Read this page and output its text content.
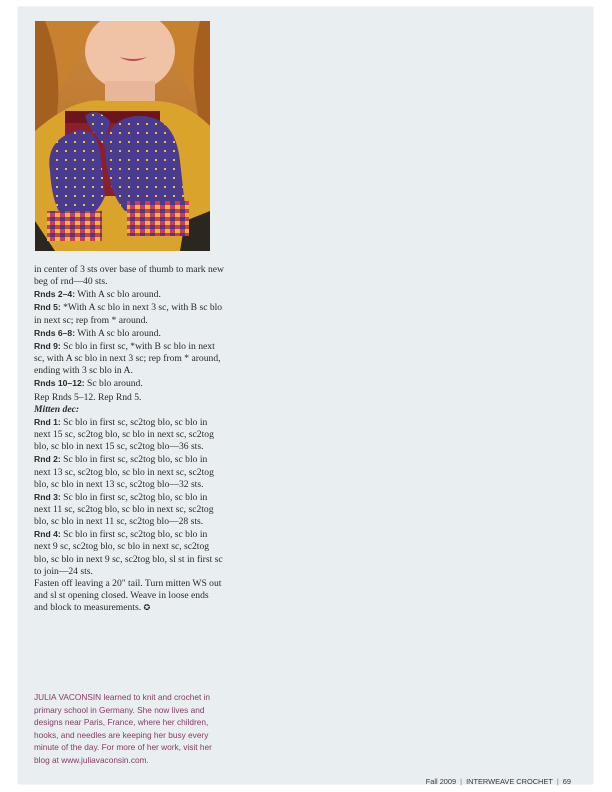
in center of 3 sts over base of thumb to mark new beg of rnd—40 sts.

Rnds 2–4: With A sc blo around.

Rnd 5: *With A sc blo in next 3 sc, with B sc blo in next sc; rep from * around.

Rnds 6–8: With A sc blo around.

Rnd 9: Sc blo in first sc, *with B sc blo in next sc, with A sc blo in next 3 sc; rep from * around, ending with 3 sc blo in A.

Rnds 10–12: Sc blo around.

Rep Rnds 5–12. Rep Rnd 5.

Mitten dec:

Rnd 1: Sc blo in first sc, sc2tog blo, sc blo in next 15 sc, sc2tog blo, sc blo in next sc, sc2tog blo, sc blo in next 15 sc, sc2tog blo—36 sts.

Rnd 2: Sc blo in first sc, sc2tog blo, sc blo in next 13 sc, sc2tog blo, sc blo in next sc, sc2tog blo, sc blo in next 13 sc, sc2tog blo—32 sts.

Rnd 3: Sc blo in first sc, sc2tog blo, sc blo in next 11 sc, sc2tog blo, sc blo in next sc, sc2tog blo, sc blo in next 11 sc, sc2tog blo—28 sts.

Rnd 4: Sc blo in first sc, sc2tog blo, sc blo in next 9 sc, sc2tog blo, sc blo in next sc, sc2tog blo, sc blo in next 9 sc, sc2tog blo, sl st in first sc to join—24 sts.

Fasten off leaving a 20" tail. Turn mitten WS out and sl st opening closed. Weave in loose ends and block to measurements. ✪

JULIA VACONSIN learned to knit and crochet in primary school in Germany. She now lives and designs near Paris, France, where her children, hooks, and needles are keeping her busy every minute of the day. For more of her work, visit her blog at www.juliavaconsin.com.

Fall 2009 | INTERWEAVE CROCHET | 69
